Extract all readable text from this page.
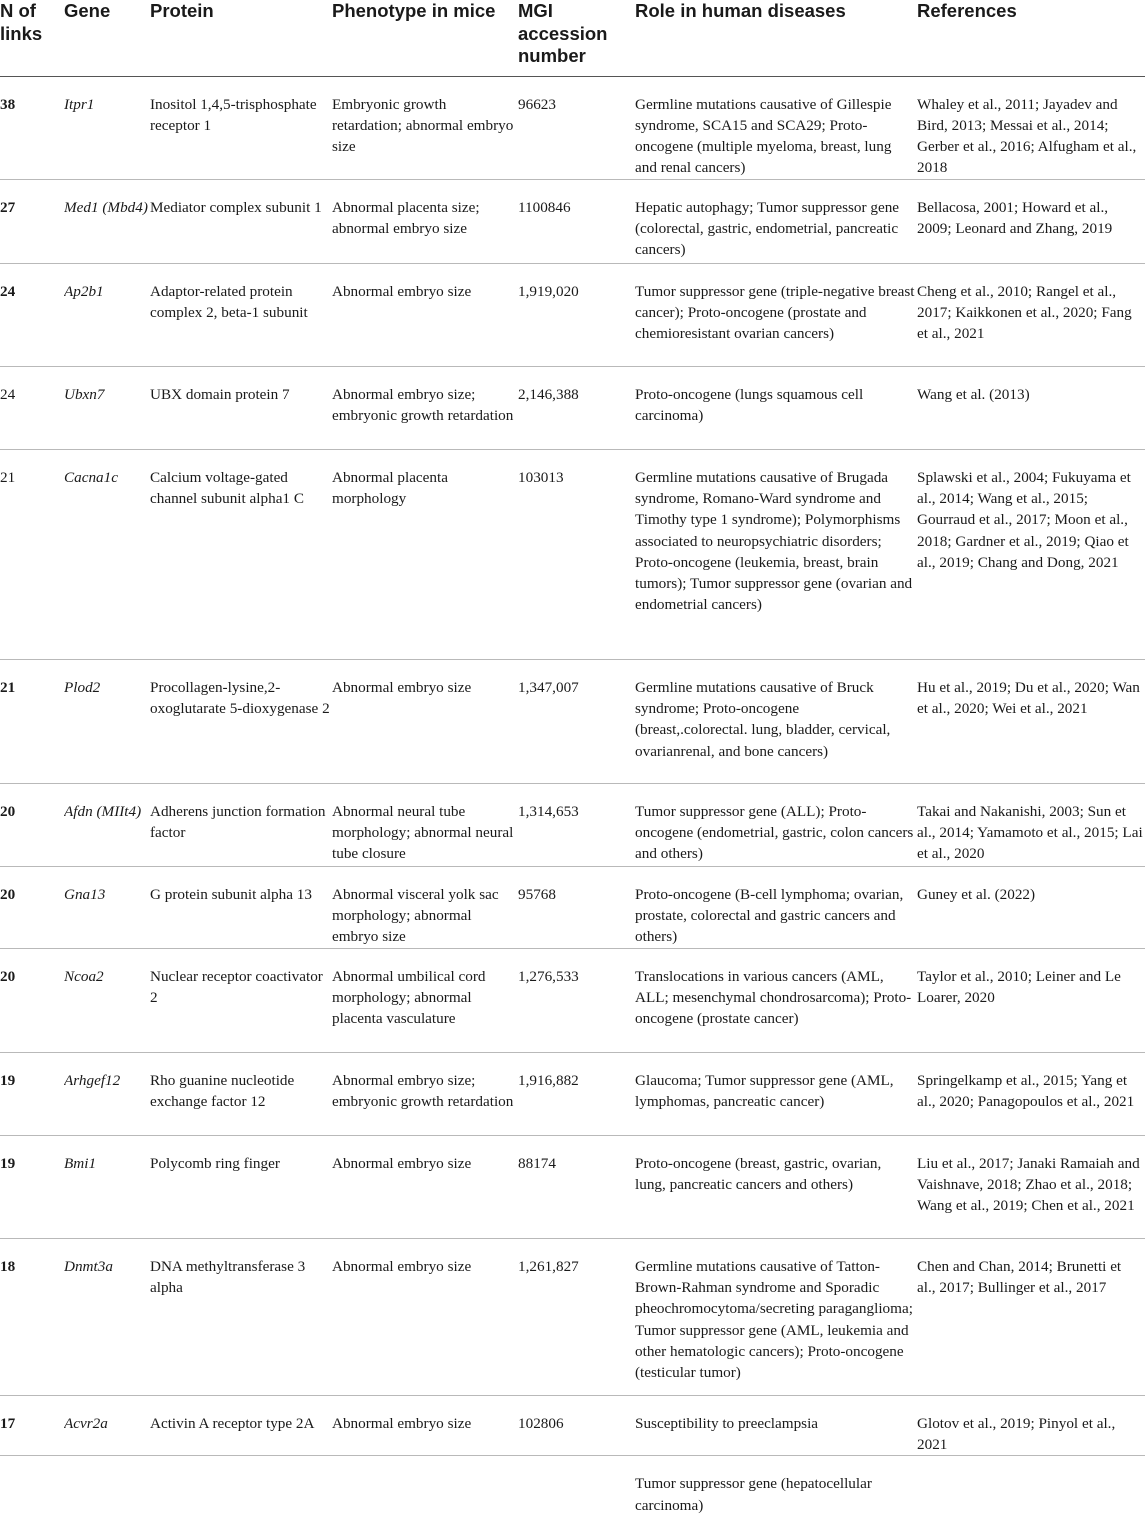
N of links	Gene	Protein	Phenotype in mice	MGI accession number	Role in human diseases	References
38	Itpr1	Inositol 1,4,5-trisphosphate receptor 1	Embryonic growth retardation; abnormal embryo size	96623	Germline mutations causative of Gillespie syndrome, SCA15 and SCA29; Proto-oncogene (multiple myeloma, breast, lung and renal cancers)	Whaley et al., 2011; Jayadev and Bird, 2013; Messai et al., 2014; Gerber et al., 2016; Alfugham et al., 2018
27	Med1 (Mbd4)	Mediator complex subunit 1	Abnormal placenta size; abnormal embryo size	1100846	Hepatic autophagy; Tumor suppressor gene (colorectal, gastric, endometrial, pancreatic cancers)	Bellacosa, 2001; Howard et al., 2009; Leonard and Zhang, 2019
24	Ap2b1	Adaptor-related protein complex 2, beta-1 subunit	Abnormal embryo size	1,919,020	Tumor suppressor gene (triple-negative breast cancer); Proto-oncogene (prostate and chemioresistant ovarian cancers)	Cheng et al., 2010; Rangel et al., 2017; Kaikkonen et al., 2020; Fang et al., 2021
24	Ubxn7	UBX domain protein 7	Abnormal embryo size; embryonic growth retardation	2,146,388	Proto-oncogene (lungs squamous cell carcinoma)	Wang et al. (2013)
21	Cacna1c	Calcium voltage-gated channel subunit alpha1 C	Abnormal placenta morphology	103013	Germline mutations causative of Brugada syndrome, Romano-Ward syndrome and Timothy type 1 syndrome); Polymorphisms associated to neuropsychiatric disorders; Proto-oncogene (leukemia, breast, brain tumors); Tumor suppressor gene (ovarian and endometrial cancers)	Splawski et al., 2004; Fukuyama et al., 2014; Wang et al., 2015; Gourraud et al., 2017; Moon et al., 2018; Gardner et al., 2019; Qiao et al., 2019; Chang and Dong, 2021
21	Plod2	Procollagen-lysine,2-oxoglutarate 5-dioxygenase 2	Abnormal embryo size	1,347,007	Germline mutations causative of Bruck syndrome; Proto-oncogene (breast,.colorectal. lung, bladder, cervical, ovarianrenal, and bone cancers)	Hu et al., 2019; Du et al., 2020; Wan et al., 2020; Wei et al., 2021
20	Afdn (MIIt4)	Adherens junction formation factor	Abnormal neural tube morphology; abnormal neural tube closure	1,314,653	Tumor suppressor gene (ALL); Proto-oncogene (endometrial, gastric, colon cancers and others)	Takai and Nakanishi, 2003; Sun et al., 2014; Yamamoto et al., 2015; Lai et al., 2020
20	Gna13	G protein subunit alpha 13	Abnormal visceral yolk sac morphology; abnormal embryo size	95768	Proto-oncogene (B-cell lymphoma; ovarian, prostate, colorectal and gastric cancers and others)	Guney et al. (2022)
20	Ncoa2	Nuclear receptor coactivator 2	Abnormal umbilical cord morphology; abnormal placenta vasculature	1,276,533	Translocations in various cancers (AML, ALL; mesenchymal chondrosarcoma); Proto-oncogene (prostate cancer)	Taylor et al., 2010; Leiner and Le Loarer, 2020
19	Arhgef12	Rho guanine nucleotide exchange factor 12	Abnormal embryo size; embryonic growth retardation	1,916,882	Glaucoma; Tumor suppressor gene (AML, lymphomas, pancreatic cancer)	Springelkamp et al., 2015; Yang et al., 2020; Panagopoulos et al., 2021
19	Bmi1	Polycomb ring finger	Abnormal embryo size	88174	Proto-oncogene (breast, gastric, ovarian, lung, pancreatic cancers and others)	Liu et al., 2017; Janaki Ramaiah and Vaishnave, 2018; Zhao et al., 2018; Wang et al., 2019; Chen et al., 2021
18	Dnmt3a	DNA methyltransferase 3 alpha	Abnormal embryo size	1,261,827	Germline mutations causative of Tatton-Brown-Rahman syndrome and Sporadic pheochromocytoma/secreting paraganglioma; Tumor suppressor gene (AML, leukemia and other hematologic cancers); Proto-oncogene (testicular tumor)	Chen and Chan, 2014; Brunetti et al., 2017; Bullinger et al., 2017
17	Acvr2a	Activin A receptor type 2A	Abnormal embryo size	102806	Susceptibility to preeclampsia	Glotov et al., 2019; Pinyol et al., 2021
					Tumor suppressor gene (hepatocellular carcinoma)	
